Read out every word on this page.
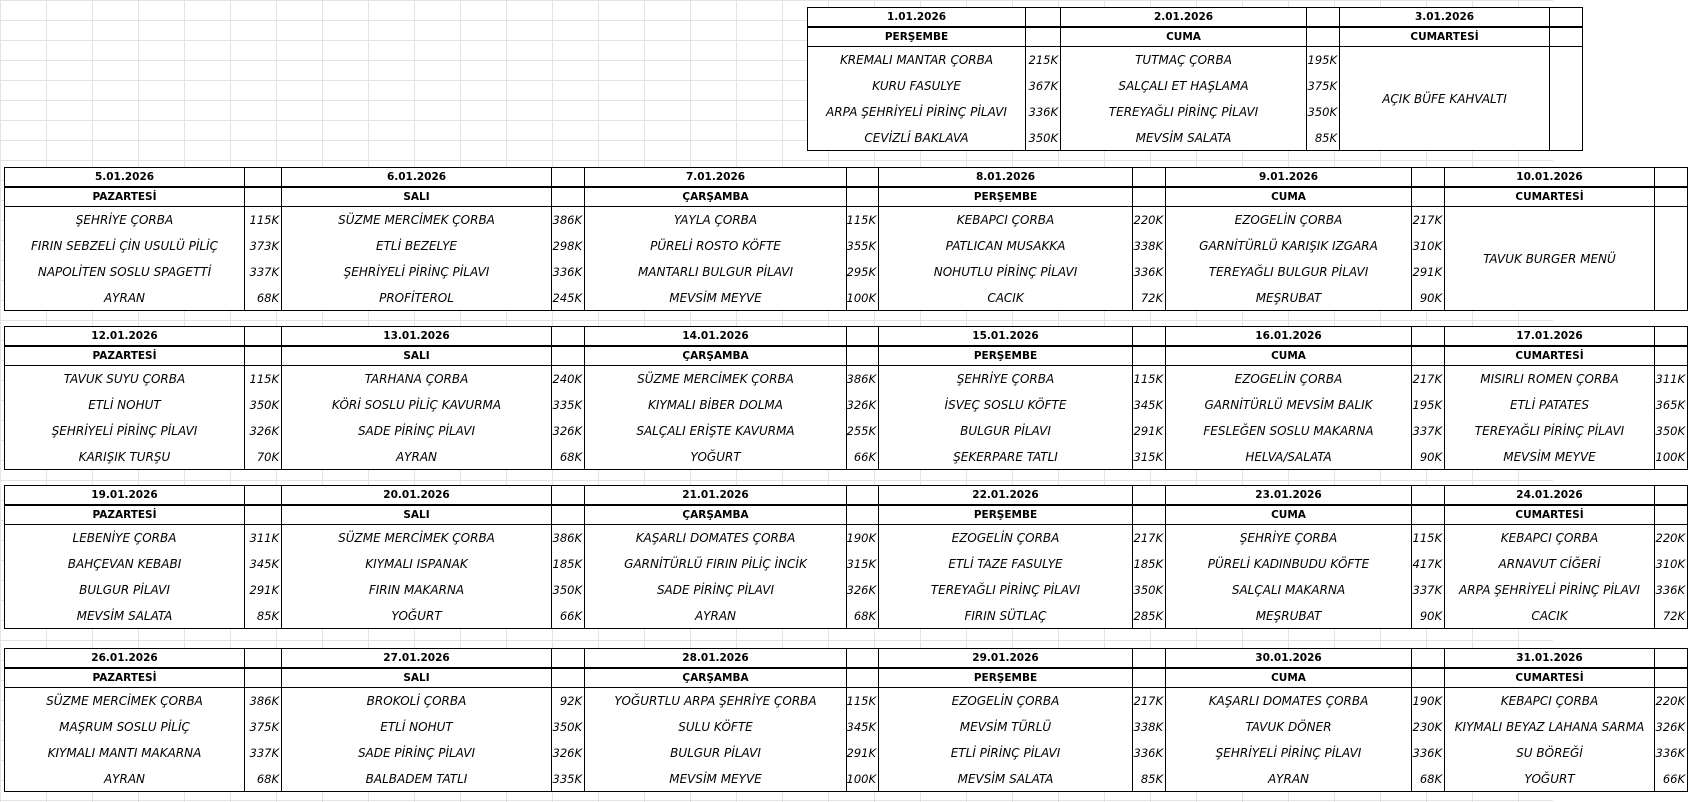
1.01.2026
PERŞEMBE
KREMALI MANTAR ÇORBA	215K
KURU FASULYE	367K
ARPA ŞEHRİYELİ PİRİNÇ PİLAVI	336K
CEVİZLİ BAKLAVA	350K
2.01.2026
CUMA
TUTMAÇ ÇORBA	195K
SALÇALI ET HAŞLAMA	375K
TEREYAĞLI PİRİNÇ PİLAVI	350K
MEVSİM SALATA	85K
3.01.2026
CUMARTESİ
AÇIK BÜFE KAHVALTI
5.01.2026
PAZARTESİ
ŞEHRİYE ÇORBA	115K
FIRIN SEBZELİ ÇİN USULÜ PİLİÇ	373K
NAPOLİTEN SOSLU SPAGETTİ	337K
AYRAN	68K
6.01.2026
SALI
SÜZME MERCİMEK ÇORBA	386K
ETLİ BEZELYE	298K
ŞEHRİYELİ PİRİNÇ PİLAVI	336K
PROFİTEROL	245K
7.01.2026
ÇARŞAMBA
YAYLA ÇORBA	115K
PÜRELİ ROSTO KÖFTE	355K
MANTARLI BULGUR PİLAVI	295K
MEVSİM MEYVE	100K
8.01.2026
PERŞEMBE
KEBAPCI ÇORBA	220K
PATLICAN MUSAKKA	338K
NOHUTLU PİRİNÇ PİLAVI	336K
CACIK	72K
9.01.2026
CUMA
EZOGELİN ÇORBA	217K
GARNİTÜRLÜ KARIŞIK IZGARA	310K
TEREYAĞLI BULGUR PİLAVI	291K
MEŞRUBAT	90K
10.01.2026
CUMARTESİ
TAVUK BURGER MENÜ
12.01.2026
PAZARTESİ
TAVUK SUYU ÇORBA	115K
ETLİ NOHUT	350K
ŞEHRİYELİ PİRİNÇ PİLAVI	326K
KARIŞIK TURŞU	70K
13.01.2026
SALI
TARHANA ÇORBA	240K
KÖRİ SOSLU PİLİÇ KAVURMA	335K
SADE PİRİNÇ PİLAVI	326K
AYRAN	68K
14.01.2026
ÇARŞAMBA
SÜZME MERCİMEK ÇORBA	386K
KIYMALI BİBER DOLMA	326K
SALÇALI ERİŞTE KAVURMA	255K
YOĞURT	66K
15.01.2026
PERŞEMBE
ŞEHRİYE ÇORBA	115K
İSVEÇ SOSLU KÖFTE	345K
BULGUR PİLAVI	291K
ŞEKERPARE TATLI	315K
16.01.2026
CUMA
EZOGELİN ÇORBA	217K
GARNİTÜRLÜ MEVSİM BALIK	195K
FESLEĞEN SOSLU MAKARNA	337K
HELVA/SALATA	90K
17.01.2026
CUMARTESİ
MISIRLI ROMEN ÇORBA	311K
ETLİ PATATES	365K
TEREYAĞLI PİRİNÇ PİLAVI	350K
MEVSİM MEYVE	100K
19.01.2026
PAZARTESİ
LEBENİYE ÇORBA	311K
BAHÇEVAN KEBABI	345K
BULGUR PİLAVI	291K
MEVSİM SALATA	85K
20.01.2026
SALI
SÜZME MERCİMEK ÇORBA	386K
KIYMALI ISPANAK	185K
FIRIN MAKARNA	350K
YOĞURT	66K
21.01.2026
ÇARŞAMBA
KAŞARLI DOMATES ÇORBA	190K
GARNİTÜRLÜ FIRIN PİLİÇ İNCİK	315K
SADE PİRİNÇ PİLAVI	326K
AYRAN	68K
22.01.2026
PERŞEMBE
EZOGELİN ÇORBA	217K
ETLİ TAZE FASULYE	185K
TEREYAĞLI PİRİNÇ PİLAVI	350K
FIRIN SÜTLAÇ	285K
23.01.2026
CUMA
ŞEHRİYE ÇORBA	115K
PÜRELİ KADINBUDU KÖFTE	417K
SALÇALI MAKARNA	337K
MEŞRUBAT	90K
24.01.2026
CUMARTESİ
KEBAPCI ÇORBA	220K
ARNAVUT CİĞERİ	310K
ARPA ŞEHRİYELİ PİRİNÇ PİLAVI	336K
CACIK	72K
26.01.2026
PAZARTESİ
SÜZME MERCİMEK ÇORBA	386K
MAŞRUM SOSLU PİLİÇ	375K
KIYMALI MANTI MAKARNA	337K
AYRAN	68K
27.01.2026
SALI
BROKOLİ ÇORBA	92K
ETLİ NOHUT	350K
SADE PİRİNÇ PİLAVI	326K
BALBADEM TATLI	335K
28.01.2026
ÇARŞAMBA
YOĞURTLU ARPA ŞEHRİYE ÇORBA	115K
SULU KÖFTE	345K
BULGUR PİLAVI	291K
MEVSİM MEYVE	100K
29.01.2026
PERŞEMBE
EZOGELİN ÇORBA	217K
MEVSİM TÜRLÜ	338K
ETLİ PİRİNÇ PİLAVI	336K
MEVSİM SALATA	85K
30.01.2026
CUMA
KAŞARLI DOMATES ÇORBA	190K
TAVUK DÖNER	230K
ŞEHRİYELİ PİRİNÇ PİLAVI	336K
AYRAN	68K
31.01.2026
CUMARTESİ
KEBAPCI ÇORBA	220K
KIYMALI BEYAZ LAHANA SARMA 326K
SU BÖREĞİ	336K
YOĞURT	66K
